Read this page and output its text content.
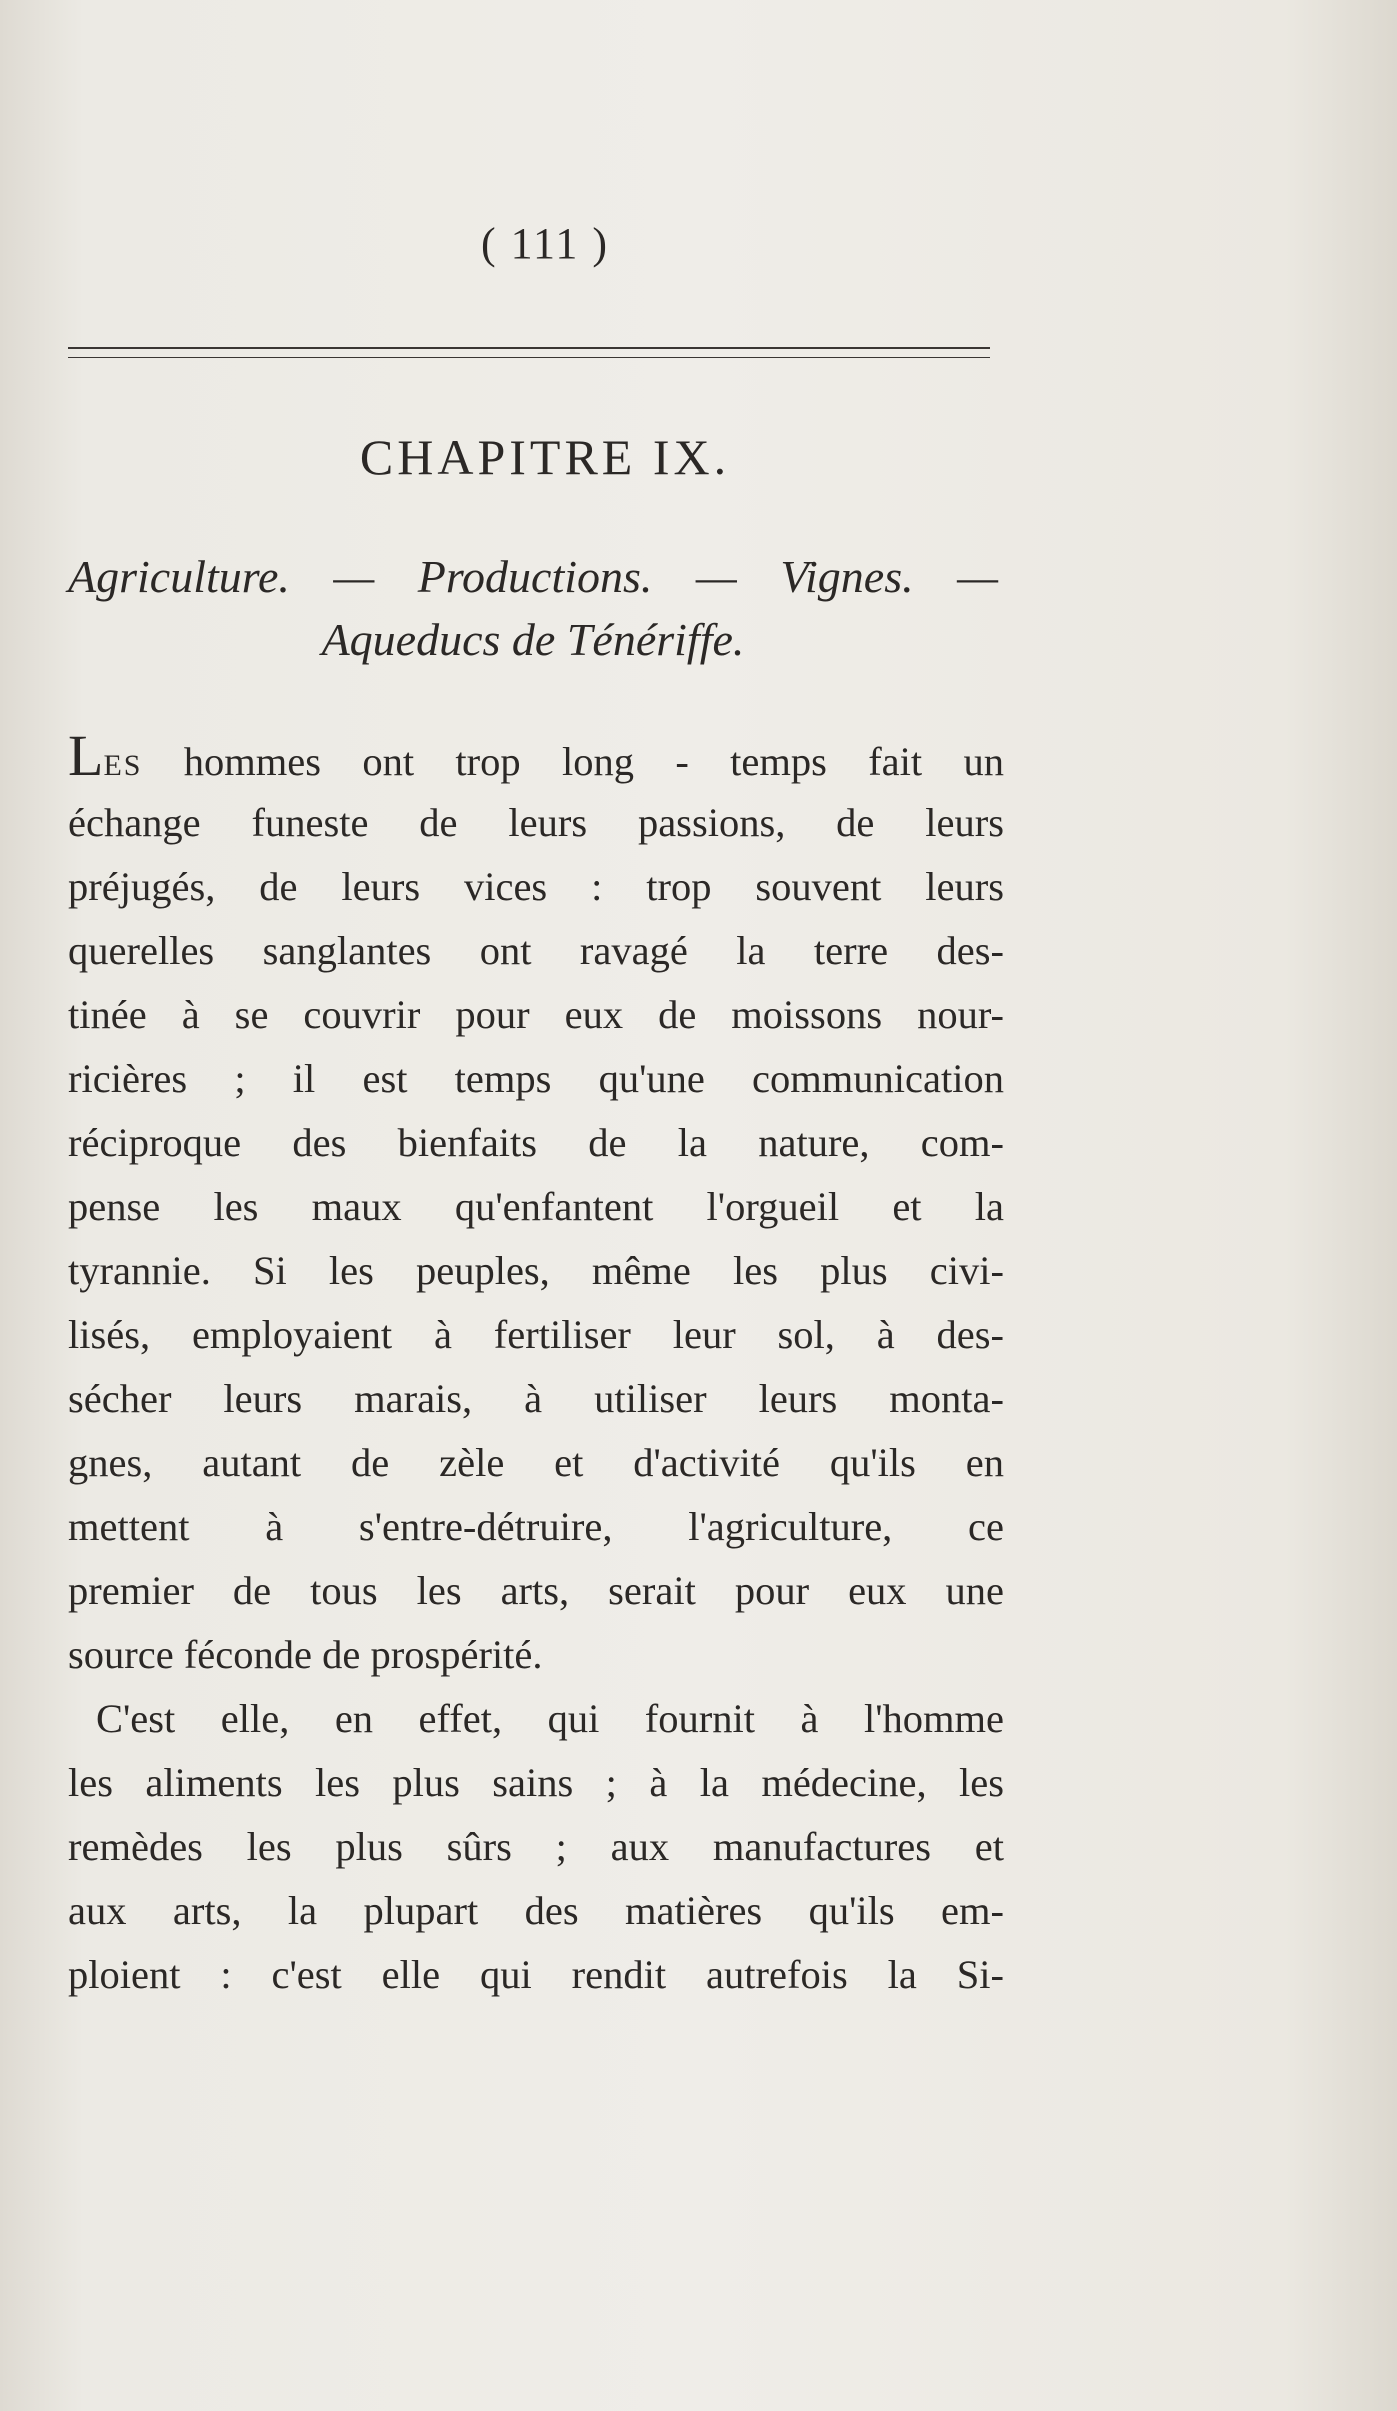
( 111 )
CHAPITRE IX.
Agriculture. — Productions. — Vignes. —
Aqueducs de Ténériffe.
LES hommes ont trop long - temps fait un
échange funeste de leurs passions, de leurs
préjugés, de leurs vices : trop souvent leurs
querelles sanglantes ont ravagé la terre des-
tinée à se couvrir pour eux de moissons nour-
ricières ; il est temps qu'une communication
réciproque des bienfaits de la nature, com-
pense les maux qu'enfantent l'orgueil et la
tyrannie. Si les peuples, même les plus civi-
lisés, employaient à fertiliser leur sol, à des-
sécher leurs marais, à utiliser leurs monta-
gnes, autant de zèle et d'activité qu'ils en
mettent à s'entre-détruire, l'agriculture, ce
premier de tous les arts, serait pour eux une
source féconde de prospérité.
C'est elle, en effet, qui fournit à l'homme
les aliments les plus sains ; à la médecine, les
remèdes les plus sûrs ; aux manufactures et
aux arts, la plupart des matières qu'ils em-
ploient : c'est elle qui rendit autrefois la Si-
